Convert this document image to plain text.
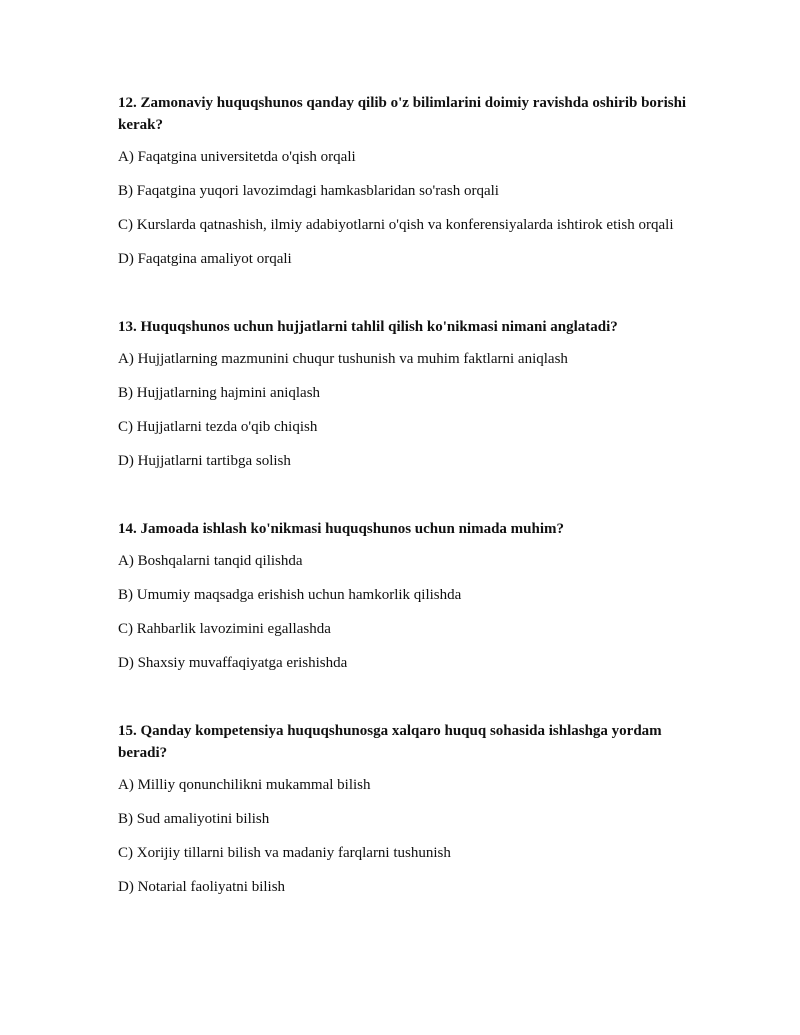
12. Zamonaviy huquqshunos qanday qilib o'z bilimlarini doimiy ravishda oshirib borishi kerak?

A) Faqatgina universitetda o'qish orqali

B) Faqatgina yuqori lavozimdagi hamkasblaridan so'rash orqali

C) Kurslarda qatnashish, ilmiy adabiyotlarni o'qish va konferensiyalarda ishtirok etish orqali

D) Faqatgina amaliyot orqali

13. Huquqshunos uchun hujjatlarni tahlil qilish ko'nikmasi nimani anglatadi?

A) Hujjatlarning mazmunini chuqur tushunish va muhim faktlarni aniqlash

B) Hujjatlarning hajmini aniqlash

C) Hujjatlarni tezda o'qib chiqish

D) Hujjatlarni tartibga solish

14. Jamoada ishlash ko'nikmasi huquqshunos uchun nimada muhim?

A) Boshqalarni tanqid qilishda

B) Umumiy maqsadga erishish uchun hamkorlik qilishda

C) Rahbarlik lavozimini egallashda

D) Shaxsiy muvaffaqiyatga erishishda

15. Qanday kompetensiya huquqshunosga xalqaro huquq sohasida ishlashga yordam beradi?

A) Milliy qonunchilikni mukammal bilish

B) Sud amaliyotini bilish

C) Xorijiy tillarni bilish va madaniy farqlarni tushunish

D) Notarial faoliyatni bilish
